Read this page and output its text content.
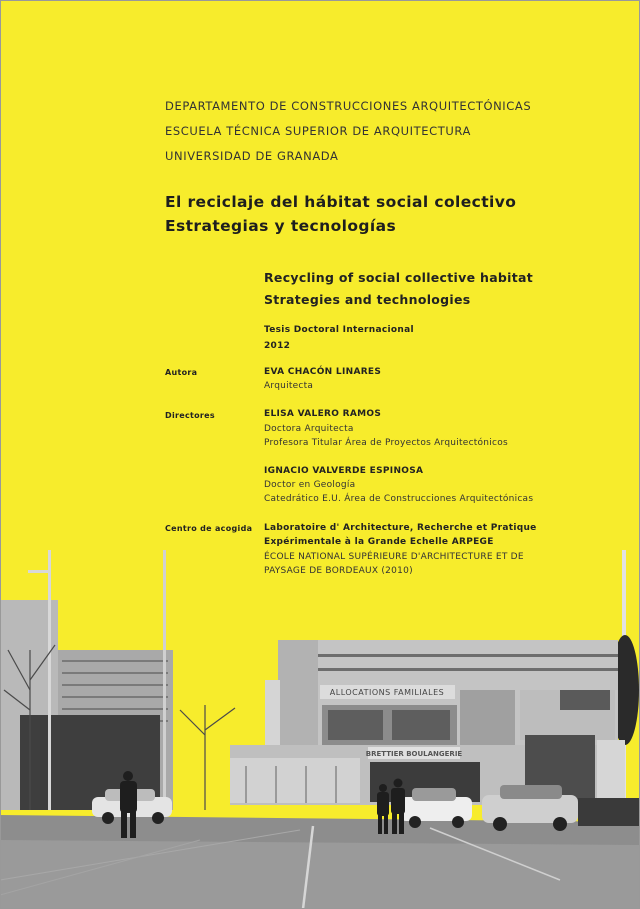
DEPARTAMENTO DE CONSTRUCCIONES ARQUITECTÓNICAS
ESCUELA TÉCNICA SUPERIOR DE ARQUITECTURA
UNIVERSIDAD DE GRANADA
El reciclaje del hábitat social colectivo
Estrategias y tecnologías
Recycling of social collective habitat
Strategies and technologies
Tesis Doctoral Internacional
2012
Autora	EVA CHACÓN LINARES
Arquitecta
Directores	ELISA VALERO RAMOS
Doctora Arquitecta
Profesora Titular Área de Proyectos Arquitectónicos
IGNACIO VALVERDE ESPINOSA
Doctor en Geología
Catedrático E.U. Área de Construcciones Arquitectónicas
Centro de acogida Laboratoire d' Architecture, Recherche et Pratique
Expérimentale à la Grande Echelle ARPEGE
ÉCOLE NATIONAL SUPÉRIEURE D'ARCHITECTURE ET DE
PAYSAGE DE BORDEAUX (2010)
ALLOCATIONS FAMILIALES
BRETTIER BOULANGERIE
